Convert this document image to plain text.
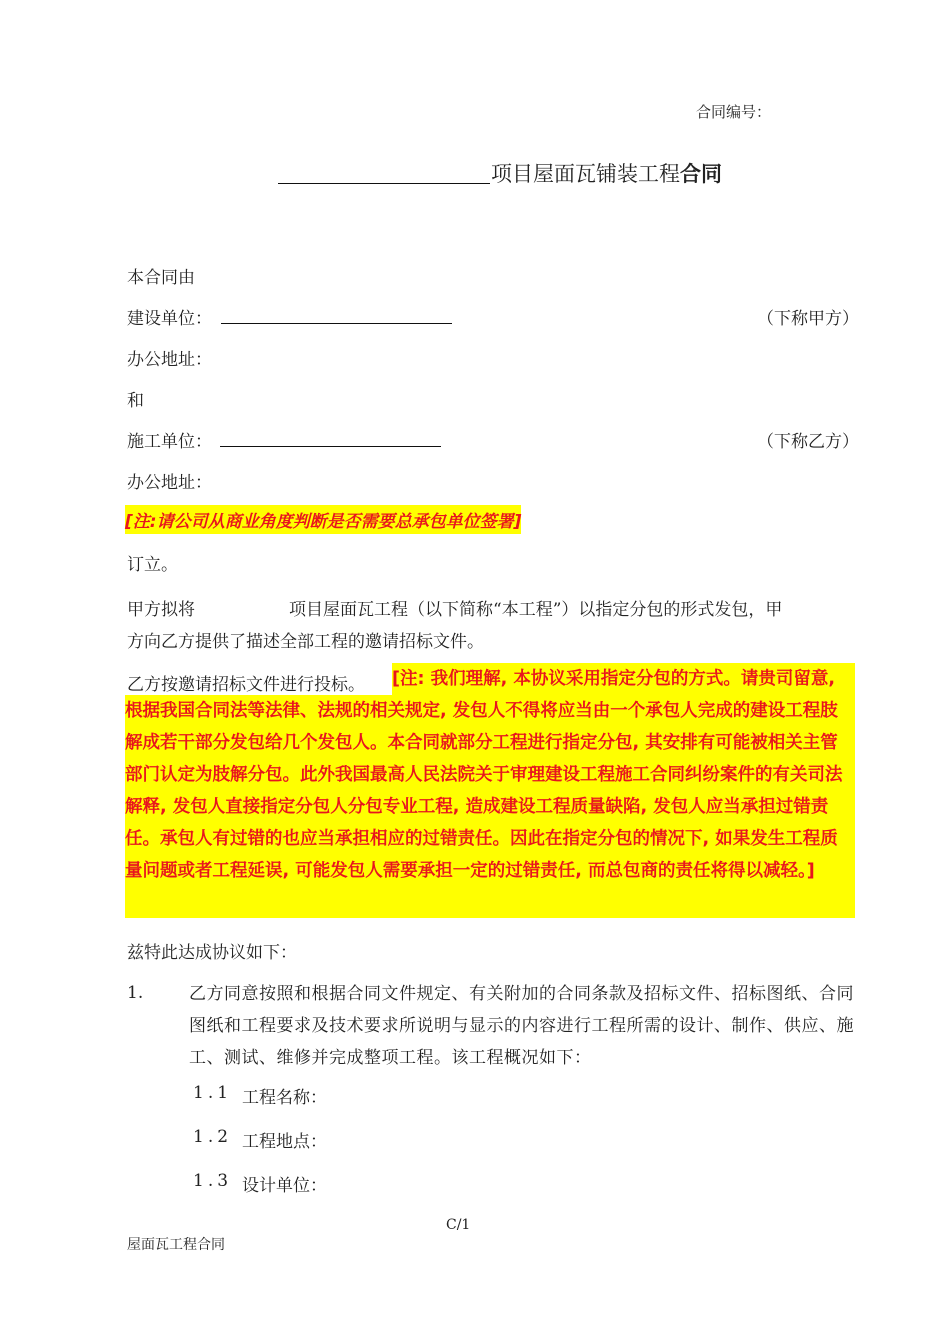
合同编号：
项目屋面瓦铺装工程合同
本合同由
建设单位：	（下称甲方）
办公地址：
和
施工单位：	（下称乙方）
办公地址：
[注:请公司从商业角度判断是否需要总承包单位签署]
订立。
甲方拟将	项目屋面瓦工程（以下简称“本工程”）以指定分包的形式发包，甲
方向乙方提供了描述全部工程的邀请招标文件。
乙方按邀请招标文件进行投标。	[注: 我们理解, 本协议采用指定分包的方式。请贵司留意, 根据我国合同法等法律、法规的相关规定, 发包人不得将应当由一个承包人完成的建设工程肢解成若干部分发包给几个发包人。本合同就部分工程进行指定分包, 其安排有可能被相关主管部门认定为肢解分包。此外我国最高人民法院关于审理建设工程施工合同纠纷案件的有关司法解释, 发包人直接指定分包人分包专业工程, 造成建设工程质量缺陷, 发包人应当承担过错责任。承包人有过错的也应当承担相应的过错责任。因此在指定分包的情况下, 如果发生工程质量问题或者工程延误, 可能发包人需要承担一定的过错责任, 而总包商的责任将得以减轻。]
兹特此达成协议如下：
1.	乙方同意按照和根据合同文件规定、有关附加的合同条款及招标文件、招标图纸、合同图纸和工程要求及技术要求所说明与显示的内容进行工程所需的设计、制作、供应、施工、测试、维修并完成整项工程。该工程概况如下：
1.1 工程名称：
1.2 工程地点：
1.3 设计单位：
C/1
屋面瓦工程合同
